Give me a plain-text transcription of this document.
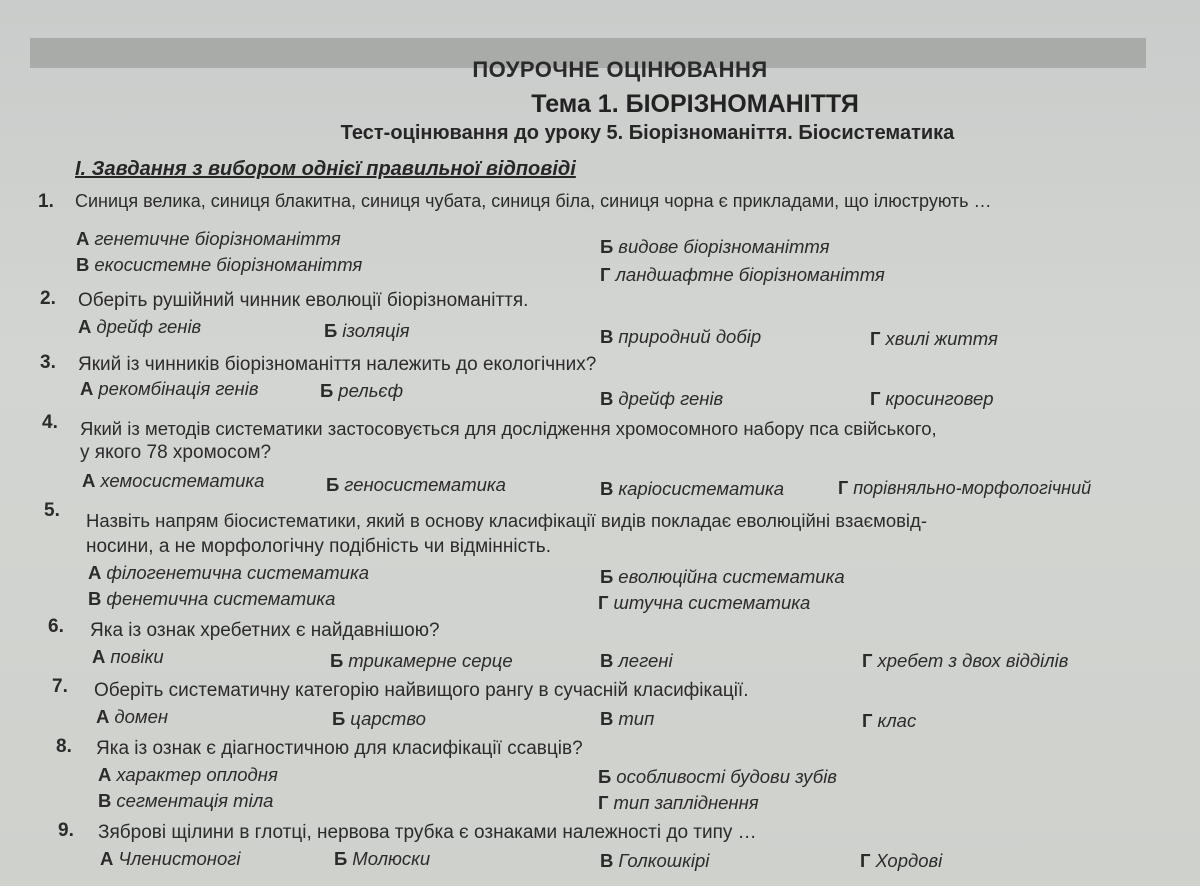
ПОУРОЧНЕ ОЦІНЮВАННЯ
Тема 1. БІОРІЗНОМАНІТТЯ
Тест-оцінювання до уроку 5. Біорізноманіття. Біосистематика
I. Завдання з вибором однієї правильної відповіді
1. Синиця велика, синиця блакитна, синиця чубата, синиця біла, синиця чорна є прикладами, що ілюструють …
А генетичне біорізноманіття	Б видове біорізноманіття
В екосистемне біорізноманіття	Г ландшафтне біорізноманіття
2. Оберіть рушійний чинник еволюції біорізноманіття.
А дрейф генів	Б ізоляція	В природний добір	Г хвилі життя
3. Який із чинників біорізноманіття належить до екологічних?
А рекомбінація генів	Б рельєф	В дрейф генів	Г кросинговер
4. Який із методів систематики застосовується для дослідження хромосомного набору пса свійського,
у якого 78 хромосом?
А хемосистематика	Б геносистематика	В каріосистематика	Г порівняльно-морфологічний
5. Назвіть напрям біосистематики, який в основу класифікації видів покладає еволюційні взаємовід-
носини, а не морфологічну подібність чи відмінність.
А філогенетична систематика	Б еволюційна систематика
В фенетична систематика	Г штучна систематика
6. Яка із ознак хребетних є найдавнішою?
А повіки	Б трикамерне серце	В легені	Г хребет з двох відділів
7. Оберіть систематичну категорію найвищого рангу в сучасній класифікації.
А домен	Б царство	В тип	Г клас
8. Яка із ознак є діагностичною для класифікації ссавців?
А характер оплодня	Б особливості будови зубів
В сегментація тіла	Г тип запліднення
9. Зяброві щілини в глотці, нервова трубка є ознаками належності до типу …
А Членистоногі	Б Молюски	В Голкошкірі	Г Хордові
